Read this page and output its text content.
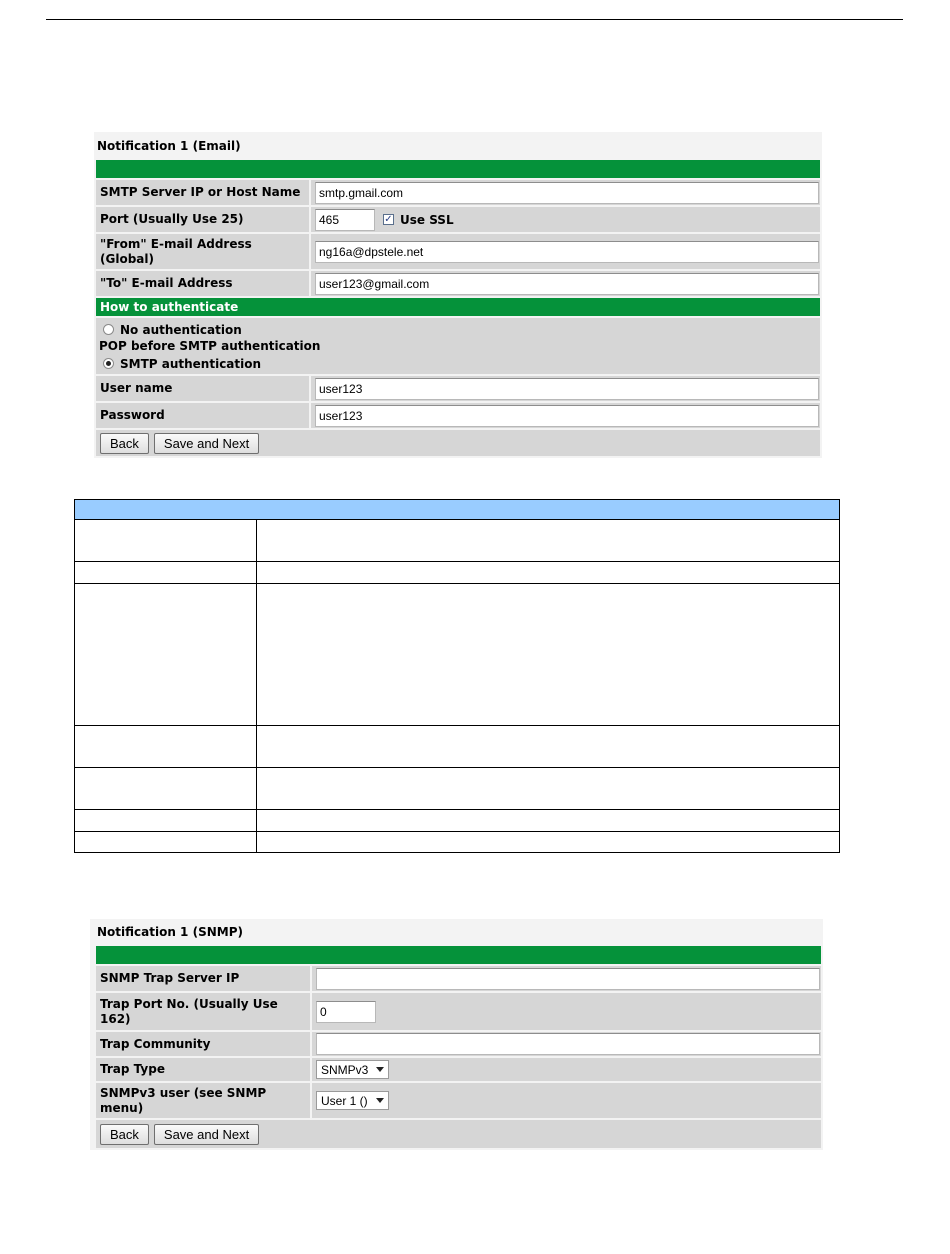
Notification 1 (Email)
SMTP Server IP or Host Name	smtp.gmail.com
Port (Usually Use 25)	465	✓ Use SSL
"From" E-mail Address
(Global)	ng16a@dpstele.net
"To" E-mail Address	user123@gmail.com
How to authenticate
No authentication
POP before SMTP authentication
SMTP authentication
User name	user123
Password	user123
Back	Save and Next

Notification 1 (SNMP)
SNMP Trap Server IP
Trap Port No. (Usually Use
162)	0
Trap Community
Trap Type	SNMPv3
SNMPv3 user (see SNMP
menu)	User 1 ()
Back	Save and Next
